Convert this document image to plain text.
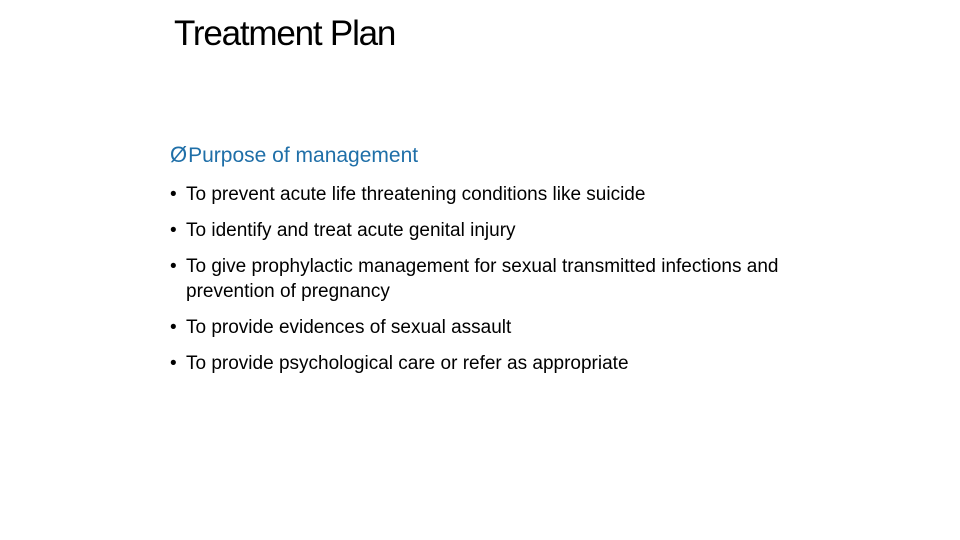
Treatment Plan
Ø Purpose of management
• To prevent acute life threatening conditions like suicide
• To identify and treat acute genital injury
• To give prophylactic management for sexual transmitted infections and prevention of pregnancy
• To provide evidences of sexual assault
• To provide psychological care or refer as appropriate
